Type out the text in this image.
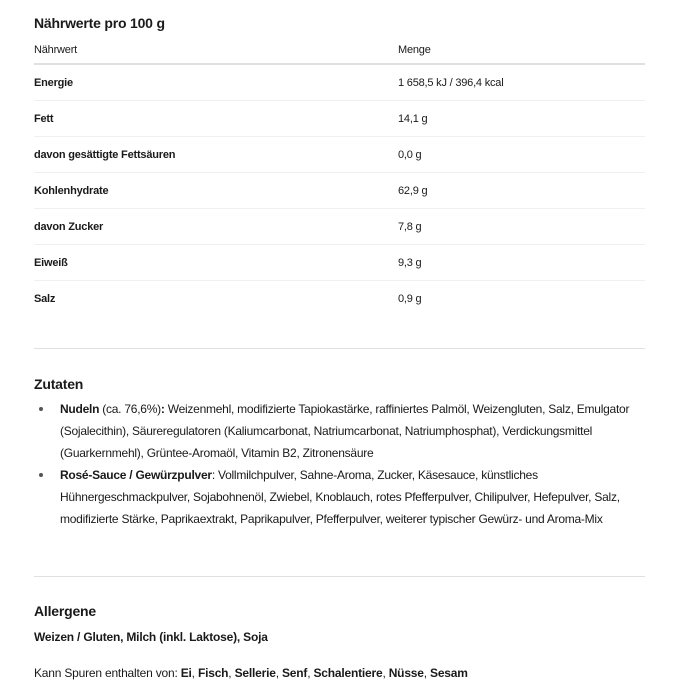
Nährwerte pro 100 g
Nährwert	Menge
Energie	1 658,5 kJ / 396,4 kcal
Fett	14,1 g
davon gesättigte Fettsäuren	0,0 g
Kohlenhydrate	62,9 g
davon Zucker	7,8 g
Eiweiß	9,3 g
Salz	0,9 g
Zutaten
Nudeln (ca. 76,6%): Weizenmehl, modifizierte Tapiokastärke, raffiniertes Palmöl, Weizengluten, Salz, Emulgator (Sojalecithin), Säureregulatoren (Kaliumcarbonat, Natriumcarbonat, Natriumphosphat), Verdickungsmittel (Guarkernmehl), Grüntee-Aromaöl, Vitamin B2, Zitronensäure
Rosé-Sauce / Gewürzpulver: Vollmilchpulver, Sahne-Aroma, Zucker, Käsesauce, künstliches Hühnergeschmackpulver, Sojabohnenöl, Zwiebel, Knoblauch, rotes Pfefferpulver, Chilipulver, Hefepulver, Salz, modifizierte Stärke, Paprikaextrakt, Paprikapulver, Pfefferpulver, weiterer typischer Gewürz- und Aroma-Mix
Allergene
Weizen / Gluten, Milch (inkl. Laktose), Soja
Kann Spuren enthalten von: Ei, Fisch, Sellerie, Senf, Schalentiere, Nüsse, Sesam
